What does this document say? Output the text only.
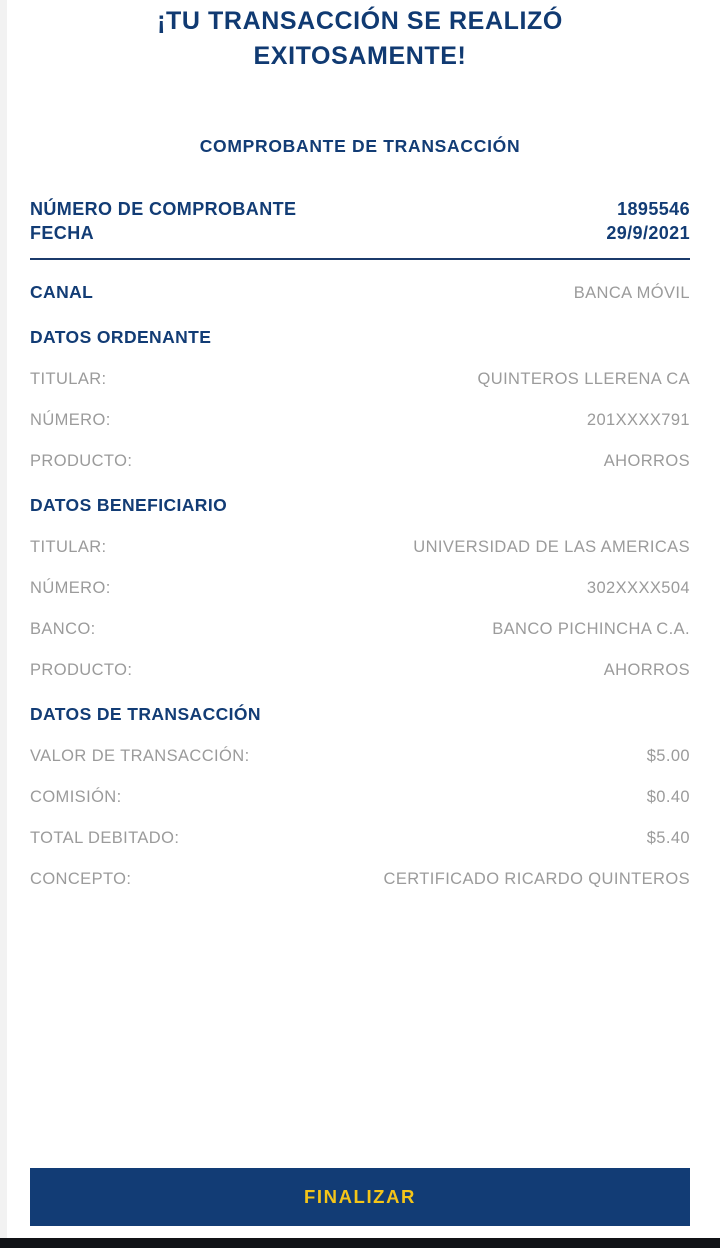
¡TU TRANSACCIÓN SE REALIZÓ
EXITOSAMENTE!
COMPROBANTE DE TRANSACCIÓN
NÚMERO DE COMPROBANTE	1895546
FECHA	29/9/2021
CANAL	BANCA MÓVIL
DATOS ORDENANTE
TITULAR:	QUINTEROS LLERENA CA
NÚMERO:	201XXXX791
PRODUCTO:	AHORROS
DATOS BENEFICIARIO
TITULAR:	UNIVERSIDAD DE LAS AMERICAS
NÚMERO:	302XXXX504
BANCO:	BANCO PICHINCHA C.A.
PRODUCTO:	AHORROS
DATOS DE TRANSACCIÓN
VALOR DE TRANSACCIÓN:	$5.00
COMISIÓN:	$0.40
TOTAL DEBITADO:	$5.40
CONCEPTO:	CERTIFICADO RICARDO QUINTEROS
FINALIZAR
